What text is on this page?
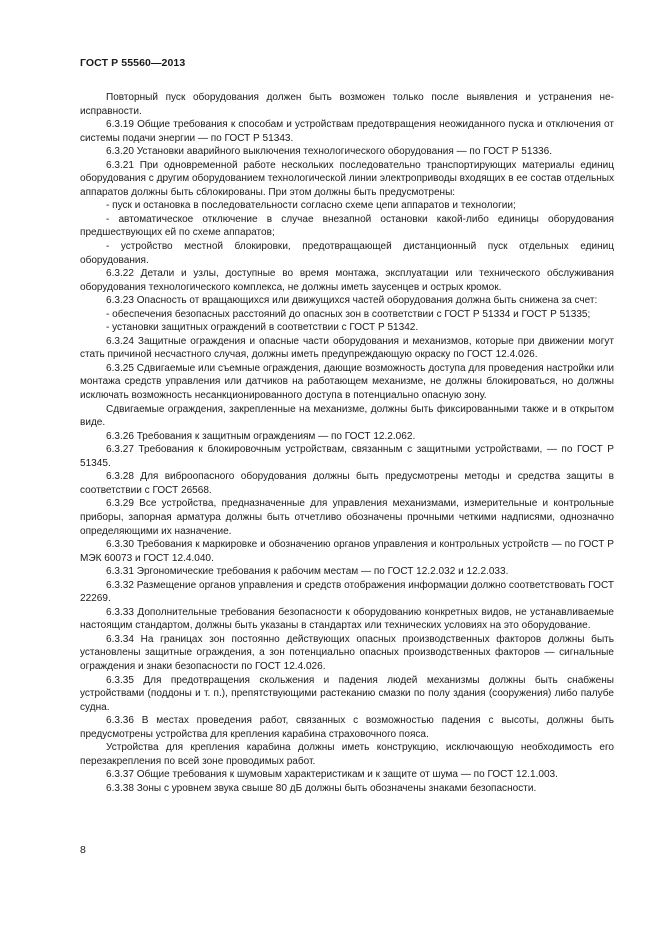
ГОСТ Р 55560—2013

Повторный пуск оборудования должен быть возможен только после выявления и устранения неисправности.

6.3.19 Общие требования к способам и устройствам предотвращения неожиданного пуска и отключения от системы подачи энергии — по ГОСТ Р 51343.

6.3.20 Установки аварийного выключения технологического оборудования — по ГОСТ Р 51336.

6.3.21 При одновременной работе нескольких последовательно транспортирующих материалы единиц оборудования с другим оборудованием технологической линии электроприводы входящих в ее состав отдельных аппаратов должны быть сблокированы. При этом должны быть предусмотрены:

- пуск и остановка в последовательности согласно схеме цепи аппаратов и технологии;

- автоматическое отключение в случае внезапной остановки какой-либо единицы оборудования предшествующих ей по схеме аппаратов;

- устройство местной блокировки, предотвращающей дистанционный пуск отдельных единиц оборудования.

6.3.22 Детали и узлы, доступные во время монтажа, эксплуатации или технического обслуживания оборудования технологического комплекса, не должны иметь заусенцев и острых кромок.

6.3.23 Опасность от вращающихся или движущихся частей оборудования должна быть снижена за счет:

- обеспечения безопасных расстояний до опасных зон в соответствии с ГОСТ Р 51334 и ГОСТ Р 51335;

- установки защитных ограждений в соответствии с ГОСТ Р 51342.

6.3.24 Защитные ограждения и опасные части оборудования и механизмов, которые при движении могут стать причиной несчастного случая, должны иметь предупреждающую окраску по ГОСТ 12.4.026.

6.3.25 Сдвигаемые или съемные ограждения, дающие возможность доступа для проведения настройки или монтажа средств управления или датчиков на работающем механизме, не должны блокироваться, но должны исключать возможность несанкционированного доступа в потенциально опасную зону.

Сдвигаемые ограждения, закрепленные на механизме, должны быть фиксированными также и в открытом виде.

6.3.26 Требования к защитным ограждениям — по ГОСТ 12.2.062.

6.3.27 Требования к блокировочным устройствам, связанным с защитными устройствами, — по ГОСТ Р 51345.

6.3.28 Для виброопасного оборудования должны быть предусмотрены методы и средства защиты в соответствии с ГОСТ 26568.

6.3.29 Все устройства, предназначенные для управления механизмами, измерительные и контрольные приборы, запорная арматура должны быть отчетливо обозначены прочными четкими надписями, однозначно определяющими их назначение.

6.3.30 Требования к маркировке и обозначению органов управления и контрольных устройств — по ГОСТ Р МЭК 60073 и ГОСТ 12.4.040.

6.3.31 Эргономические требования к рабочим местам — по ГОСТ 12.2.032 и 12.2.033.

6.3.32 Размещение органов управления и средств отображения информации должно соответствовать ГОСТ 22269.

6.3.33 Дополнительные требования безопасности к оборудованию конкретных видов, не устанавливаемые настоящим стандартом, должны быть указаны в стандартах или технических условиях на это оборудование.

6.3.34 На границах зон постоянно действующих опасных производственных факторов должны быть установлены защитные ограждения, а зон потенциально опасных производственных факторов — сигнальные ограждения и знаки безопасности по ГОСТ 12.4.026.

6.3.35 Для предотвращения скольжения и падения людей механизмы должны быть снабжены устройствами (поддоны и т. п.), препятствующими растеканию смазки по полу здания (сооружения) либо палубе судна.

6.3.36 В местах проведения работ, связанных с возможностью падения с высоты, должны быть предусмотрены устройства для крепления карабина страховочного пояса.

Устройства для крепления карабина должны иметь конструкцию, исключающую необходимость его перезакрепления по всей зоне проводимых работ.

6.3.37 Общие требования к шумовым характеристикам и к защите от шума — по ГОСТ 12.1.003.

6.3.38 Зоны с уровнем звука свыше 80 дБ должны быть обозначены знаками безопасности.

8
